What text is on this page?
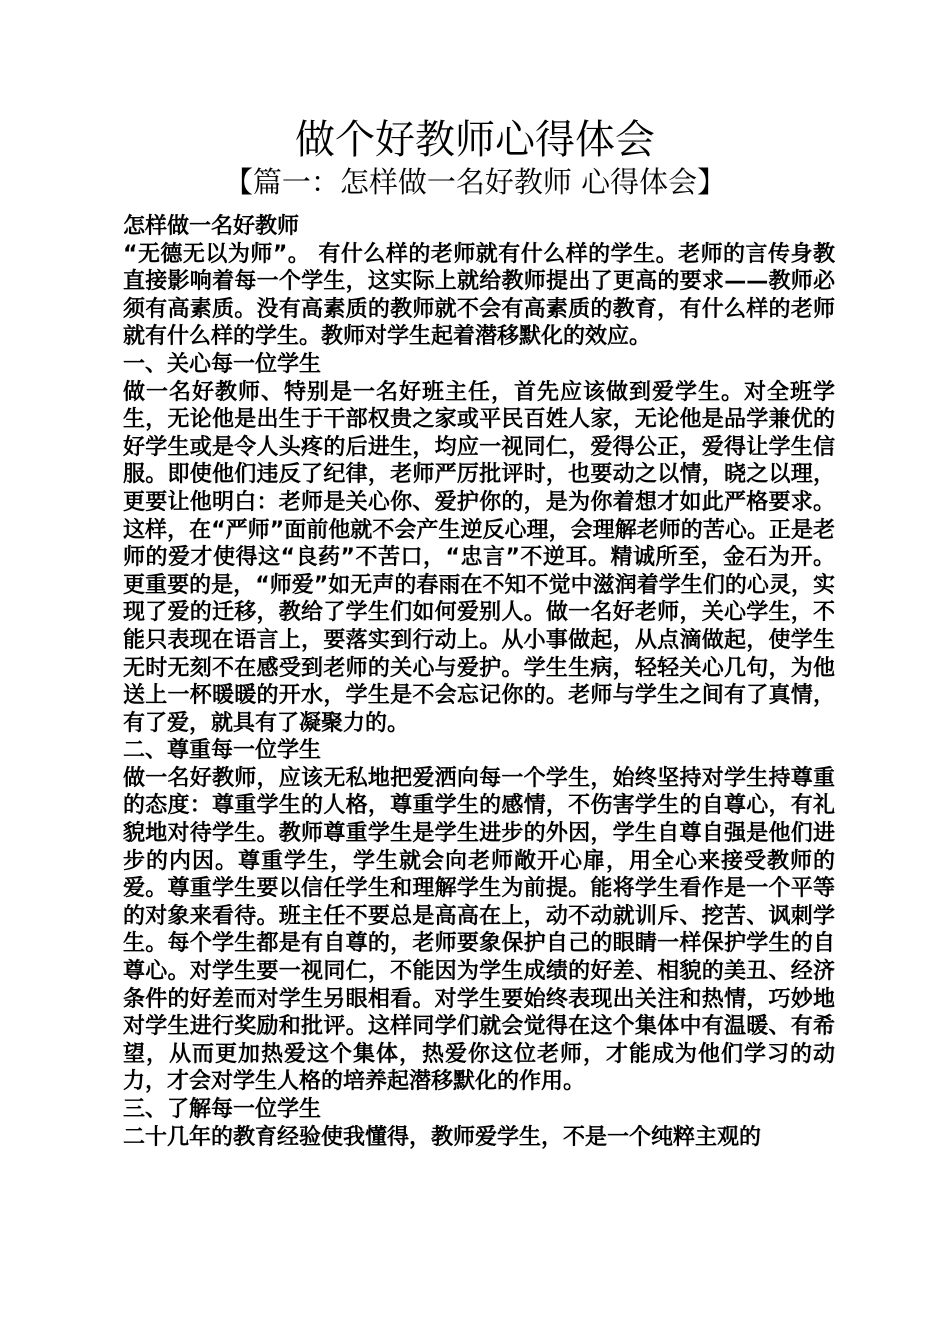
做个好教师心得体会
【篇一：怎样做一名好教师 心得体会】

怎样做一名好教师

“无德无以为师”。 有什么样的老师就有什么样的学生。老师的言传身教直接影响着每一个学生，这实际上就给教师提出了更高的要求——教师必须有高素质。没有高素质的教师就不会有高素质的教育，有什么样的老师就有什么样的学生。教师对学生起着潜移默化的效应。

一、关心每一位学生

做一名好教师、特别是一名好班主任，首先应该做到爱学生。对全班学生，无论他是出生于干部权贵之家或平民百姓人家，无论他是品学兼优的好学生或是令人头疼的后进生，均应一视同仁，爱得公正，爱得让学生信服。即使他们违反了纪律，老师严厉批评时，也要动之以情，晓之以理，更要让他明白：老师是关心你、爱护你的，是为你着想才如此严格要求。这样，在“严师”面前他就不会产生逆反心理，会理解老师的苦心。正是老师的爱才使得这“良药”不苦口，“忠言”不逆耳。精诚所至，金石为开。更重要的是，“师爱”如无声的春雨在不知不觉中滋润着学生们的心灵，实现了爱的迁移，教给了学生们如何爱别人。做一名好老师，关心学生，不能只表现在语言上，要落实到行动上。从小事做起，从点滴做起，使学生无时无刻不在感受到老师的关心与爱护。学生生病，轻轻关心几句，为他送上一杯暖暖的开水，学生是不会忘记你的。老师与学生之间有了真情，有了爱，就具有了凝聚力的。

二、尊重每一位学生

做一名好教师，应该无私地把爱洒向每一个学生，始终坚持对学生持尊重的态度：尊重学生的人格，尊重学生的感情，不伤害学生的自尊心，有礼貌地对待学生。教师尊重学生是学生进步的外因，学生自尊自强是他们进步的内因。尊重学生，学生就会向老师敞开心扉，用全心来接受教师的爱。尊重学生要以信任学生和理解学生为前提。能将学生看作是一个平等的对象来看待。班主任不要总是高高在上，动不动就训斥、挖苦、讽刺学生。每个学生都是有自尊的，老师要象保护自己的眼睛一样保护学生的自尊心。对学生要一视同仁，不能因为学生成绩的好差、相貌的美丑、经济条件的好差而对学生另眼相看。对学生要始终表现出关注和热情，巧妙地对学生进行奖励和批评。这样同学们就会觉得在这个集体中有温暖、有希望，从而更加热爱这个集体，热爱你这位老师，才能成为他们学习的动力，才会对学生人格的培养起潜移默化的作用。

三、了解每一位学生

二十几年的教育经验使我懂得，教师爱学生，不是一个纯粹主观的
